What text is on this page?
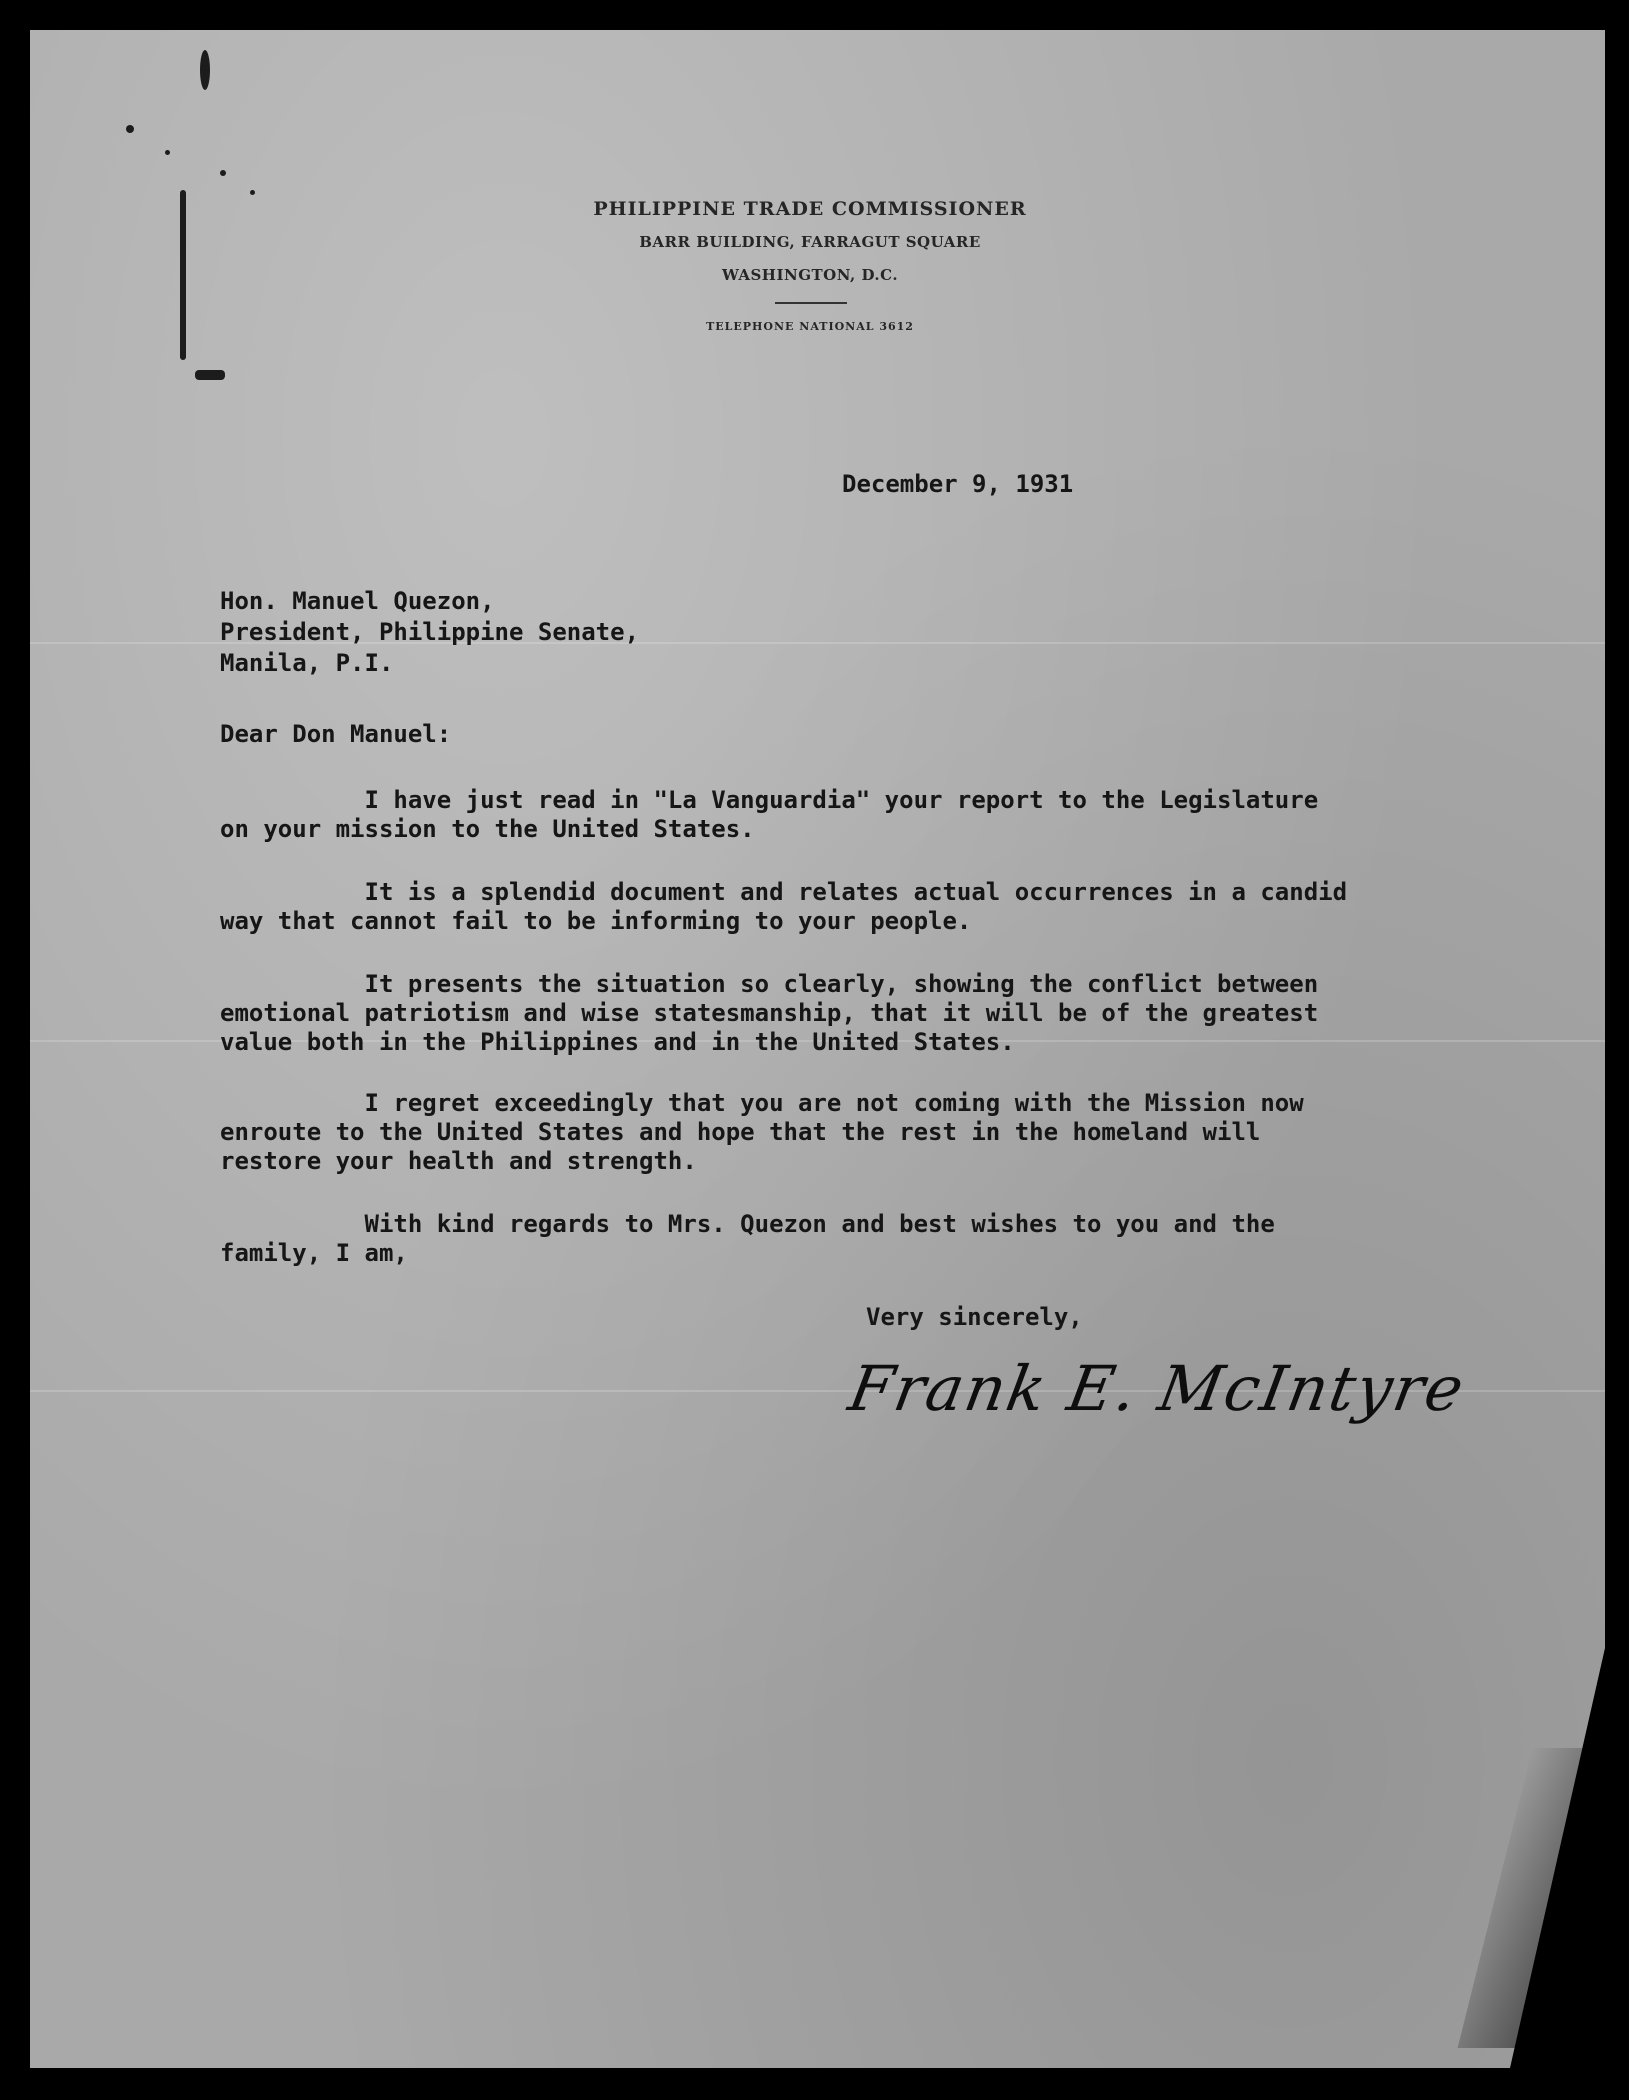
PHILIPPINE TRADE COMMISSIONER
BARR BUILDING, FARRAGUT SQUARE
WASHINGTON, D.C.
TELEPHONE NATIONAL 3612
December 9, 1931
Hon. Manuel Quezon,
President, Philippine Senate,
Manila, P.I.
Dear Don Manuel:
I have just read in "La Vanguardia" your report to the Legislature
on your mission to the United States.
It is a splendid document and relates actual occurrences in a candid
way that cannot fail to be informing to your people.
It presents the situation so clearly, showing the conflict between
emotional patriotism and wise statesmanship, that it will be of the greatest
value both in the Philippines and in the United States.
I regret exceedingly that you are not coming with the Mission now
enroute to the United States and hope that the rest in the homeland will
restore your health and strength.
With kind regards to Mrs. Quezon and best wishes to you and the
family, I am,
Very sincerely,
Frank E. McIntyre
